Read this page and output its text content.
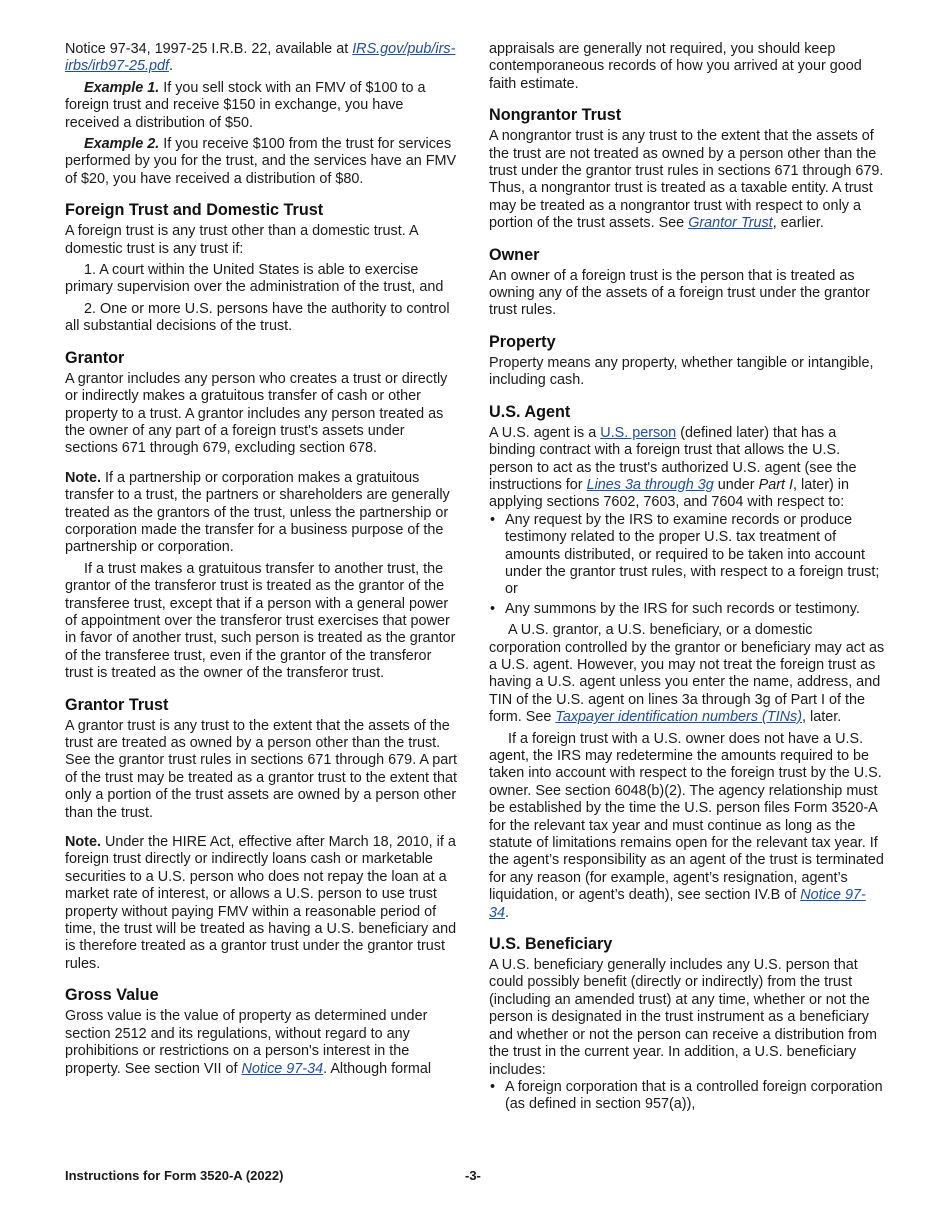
Notice 97-34, 1997-25 I.R.B. 22, available at IRS.gov/pub/irs-irbs/irb97-25.pdf.

Example 1. If you sell stock with an FMV of $100 to a foreign trust and receive $150 in exchange, you have received a distribution of $50.

Example 2. If you receive $100 from the trust for services performed by you for the trust, and the services have an FMV of $20, you have received a distribution of $80.

Foreign Trust and Domestic Trust

A foreign trust is any trust other than a domestic trust. A domestic trust is any trust if:

1. A court within the United States is able to exercise primary supervision over the administration of the trust, and

2. One or more U.S. persons have the authority to control all substantial decisions of the trust.

Grantor

A grantor includes any person who creates a trust or directly or indirectly makes a gratuitous transfer of cash or other property to a trust. A grantor includes any person treated as the owner of any part of a foreign trust's assets under sections 671 through 679, excluding section 678.

Note. If a partnership or corporation makes a gratuitous transfer to a trust, the partners or shareholders are generally treated as the grantors of the trust, unless the partnership or corporation made the transfer for a business purpose of the partnership or corporation.

If a trust makes a gratuitous transfer to another trust, the grantor of the transferor trust is treated as the grantor of the transferee trust, except that if a person with a general power of appointment over the transferor trust exercises that power in favor of another trust, such person is treated as the grantor of the transferee trust, even if the grantor of the transferor trust is treated as the owner of the transferor trust.

Grantor Trust

A grantor trust is any trust to the extent that the assets of the trust are treated as owned by a person other than the trust. See the grantor trust rules in sections 671 through 679. A part of the trust may be treated as a grantor trust to the extent that only a portion of the trust assets are owned by a person other than the trust.

Note. Under the HIRE Act, effective after March 18, 2010, if a foreign trust directly or indirectly loans cash or marketable securities to a U.S. person who does not repay the loan at a market rate of interest, or allows a U.S. person to use trust property without paying FMV within a reasonable period of time, the trust will be treated as having a U.S. beneficiary and is therefore treated as a grantor trust under the grantor trust rules.

Gross Value

Gross value is the value of property as determined under section 2512 and its regulations, without regard to any prohibitions or restrictions on a person's interest in the property. See section VII of Notice 97-34. Although formal

appraisals are generally not required, you should keep contemporaneous records of how you arrived at your good faith estimate.

Nongrantor Trust

A nongrantor trust is any trust to the extent that the assets of the trust are not treated as owned by a person other than the trust under the grantor trust rules in sections 671 through 679. Thus, a nongrantor trust is treated as a taxable entity. A trust may be treated as a nongrantor trust with respect to only a portion of the trust assets. See Grantor Trust, earlier.

Owner

An owner of a foreign trust is the person that is treated as owning any of the assets of a foreign trust under the grantor trust rules.

Property

Property means any property, whether tangible or intangible, including cash.

U.S. Agent

A U.S. agent is a U.S. person (defined later) that has a binding contract with a foreign trust that allows the U.S. person to act as the trust's authorized U.S. agent (see the instructions for Lines 3a through 3g under Part I, later) in applying sections 7602, 7603, and 7604 with respect to:

• Any request by the IRS to examine records or produce testimony related to the proper U.S. tax treatment of amounts distributed, or required to be taken into account under the grantor trust rules, with respect to a foreign trust; or

• Any summons by the IRS for such records or testimony.

A U.S. grantor, a U.S. beneficiary, or a domestic corporation controlled by the grantor or beneficiary may act as a U.S. agent. However, you may not treat the foreign trust as having a U.S. agent unless you enter the name, address, and TIN of the U.S. agent on lines 3a through 3g of Part I of the form. See Taxpayer identification numbers (TINs), later.

If a foreign trust with a U.S. owner does not have a U.S. agent, the IRS may redetermine the amounts required to be taken into account with respect to the foreign trust by the U.S. owner. See section 6048(b)(2). The agency relationship must be established by the time the U.S. person files Form 3520-A for the relevant tax year and must continue as long as the statute of limitations remains open for the relevant tax year. If the agent’s responsibility as an agent of the trust is terminated for any reason (for example, agent’s resignation, agent’s liquidation, or agent’s death), see section IV.B of Notice 97-34.

U.S. Beneficiary

A U.S. beneficiary generally includes any U.S. person that could possibly benefit (directly or indirectly) from the trust (including an amended trust) at any time, whether or not the person is designated in the trust instrument as a beneficiary and whether or not the person can receive a distribution from the trust in the current year. In addition, a U.S. beneficiary includes:

• A foreign corporation that is a controlled foreign corporation (as defined in section 957(a)),

Instructions for Form 3520-A (2022)	-3-
